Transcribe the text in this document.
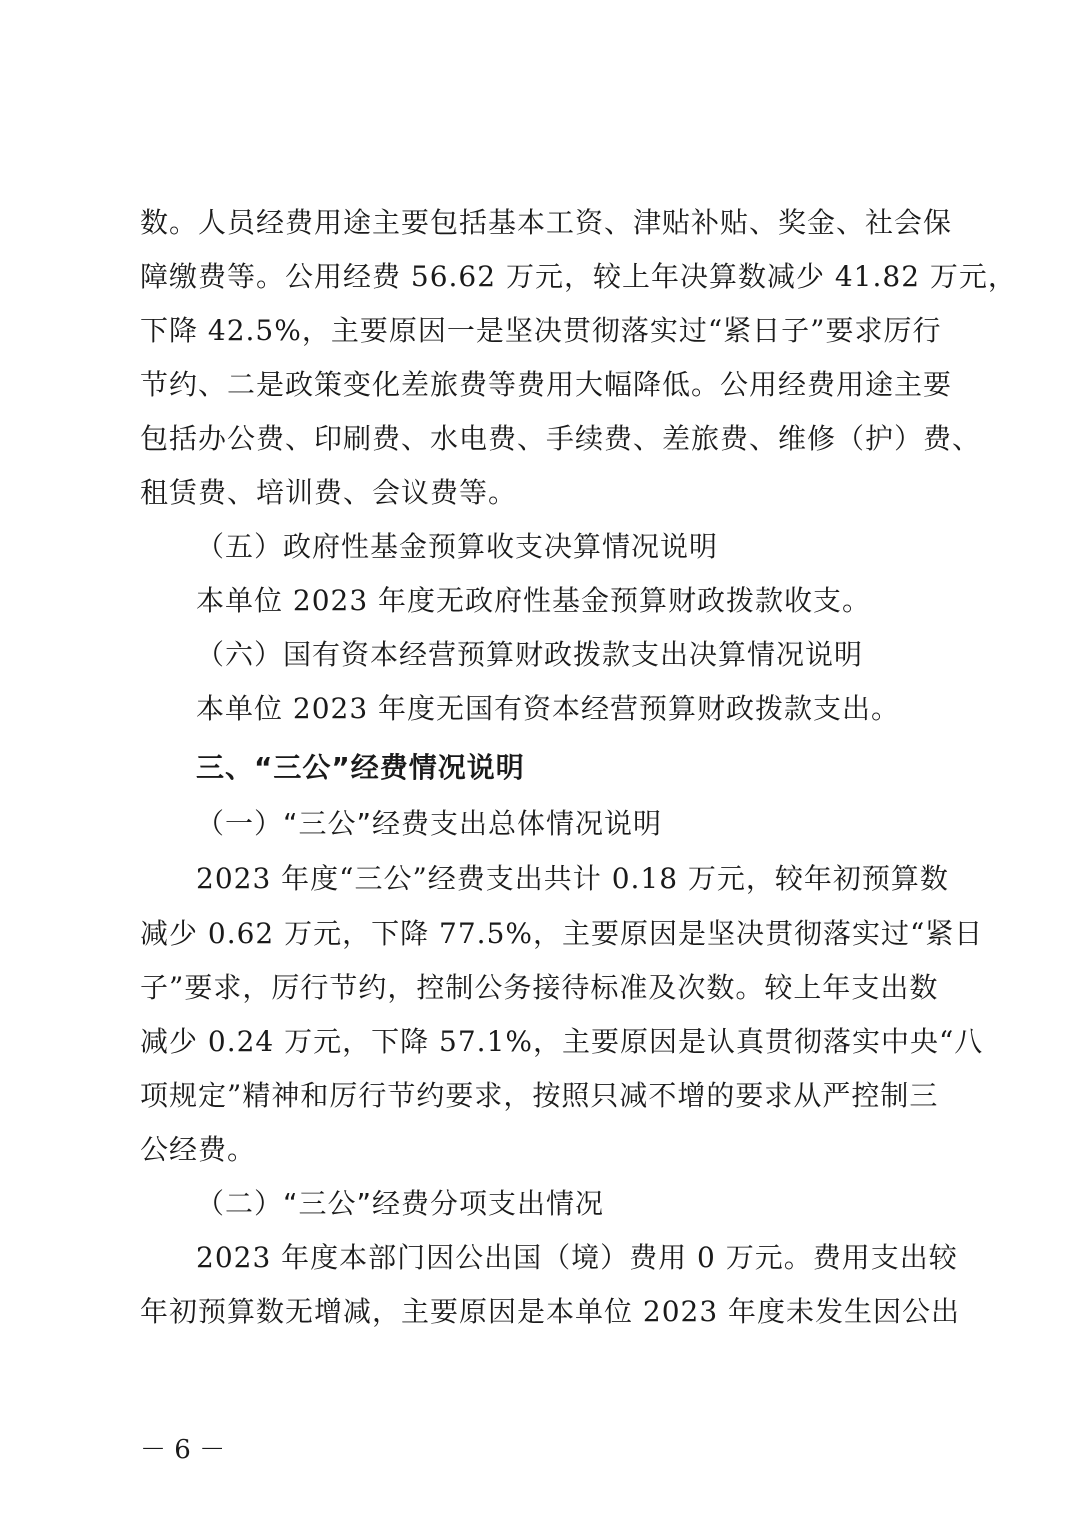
数。人员经费用途主要包括基本工资、津贴补贴、奖金、社会保
障缴费等。公用经费 56.62 万元，较上年决算数减少 41.82 万元，
下降 42.5%，主要原因一是坚决贯彻落实过“紧日子”要求厉行
节约、二是政策变化差旅费等费用大幅降低。公用经费用途主要
包括办公费、印刷费、水电费、手续费、差旅费、维修（护）费、
租赁费、培训费、会议费等。
（五）政府性基金预算收支决算情况说明
本单位 2023 年度无政府性基金预算财政拨款收支。
（六）国有资本经营预算财政拨款支出决算情况说明
本单位 2023 年度无国有资本经营预算财政拨款支出。
三、“三公”经费情况说明
（一）“三公”经费支出总体情况说明
2023 年度“三公”经费支出共计 0.18 万元，较年初预算数
减少 0.62 万元，下降 77.5%，主要原因是坚决贯彻落实过“紧日
子”要求，厉行节约，控制公务接待标准及次数。较上年支出数
减少 0.24 万元，下降 57.1%，主要原因是认真贯彻落实中央“八
项规定”精神和厉行节约要求，按照只减不增的要求从严控制三
公经费。
（二）“三公”经费分项支出情况
2023 年度本部门因公出国（境）费用 0 万元。费用支出较
年初预算数无增减，主要原因是本单位 2023 年度未发生因公出
－ 6 －
